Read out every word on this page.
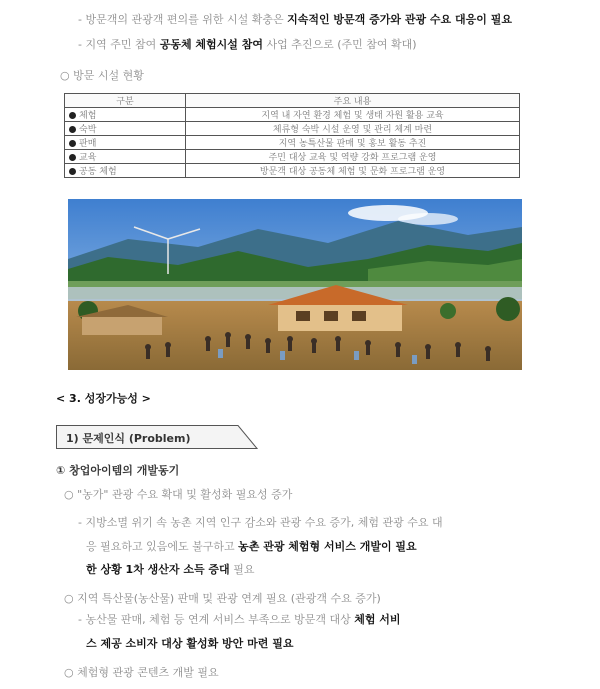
- 방문객의 관광객 편의를 위한 시설 확충은 지속적인 방문객 증가와 관광 수요 대응이 필요
- 지역 주민 참여 공동체 체험시설 참여 사업 추진으로 (주민 참여 확대)
○ 방문 시설 현황
구분	주요 내용
체험	지역 내 자연 환경 체험 및 생태 자원 활용 교육
숙박	체류형 숙박 시설 운영 및 관리 체계 마련
판매	지역 농특산물 판매 및 홍보 활동 추진
교육	주민 대상 교육 및 역량 강화 프로그램 운영
공동 체험	방문객 대상 공동체 체험 및 문화 프로그램 운영
< 3. 성장가능성 >
1) 문제인식 (Problem)
① 창업아이템의 개발동기
○ "농가" 관광 수요 확대 및 활성화 필요성 증가
- 지방소멸 위기 속 농촌 지역 인구 감소와 관광 수요 증가, 체험 관광 수요 대
응 필요하고 있음에도 불구하고 농촌 관광 체험형 서비스 개발이 필요
한 상황 1차 생산자 소득 증대 필요
○ 지역 특산물(농산물) 판매 및 관광 연계 필요 (관광객 수요 증가)
- 농산물 판매, 체험 등 연계 서비스 부족으로 방문객 대상 체험 서비
스 제공 소비자 대상 활성화 방안 마련 필요
○ 체험형 관광 콘텐츠 개발 필요
